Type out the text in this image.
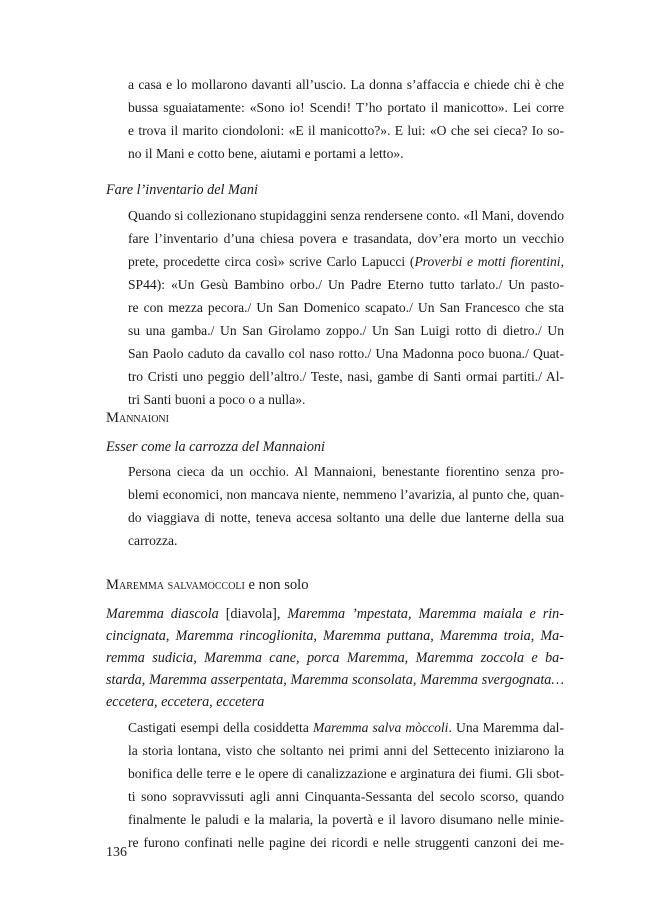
a casa e lo mollarono davanti all’uscio. La donna s’affaccia e chiede chi è che
bussa sguaiatamente: «Sono io! Scendi! T’ho portato il manicotto». Lei corre
e trova il marito ciondoloni: «E il manicotto?». E lui: «O che sei cieca? Io so-
no il Mani e cotto bene, aiutami e portami a letto».
Fare l’inventario del Mani
Quando si collezionano stupidaggini senza rendersene conto. «Il Mani, dovendo
fare l’inventario d’una chiesa povera e trasandata, dov’era morto un vecchio
prete, procedette circa così» scrive Carlo Lapucci (Proverbi e motti fiorentini,
SP44): «Un Gesù Bambino orbo./ Un Padre Eterno tutto tarlato./ Un pasto-
re con mezza pecora./ Un San Domenico scapato./ Un San Francesco che sta
su una gamba./ Un San Girolamo zoppo./ Un San Luigi rotto di dietro./ Un
San Paolo caduto da cavallo col naso rotto./ Una Madonna poco buona./ Quat-
tro Cristi uno peggio dell’altro./ Teste, nasi, gambe di Santi ormai partiti./ Al-
tri Santi buoni a poco o a nulla».
Mannaioni
Esser come la carrozza del Mannaioni
Persona cieca da un occhio. Al Mannaioni, benestante fiorentino senza pro-
blemi economici, non mancava niente, nemmeno l’avarizia, al punto che, quan-
do viaggiava di notte, teneva accesa soltanto una delle due lanterne della sua
carrozza.
Maremma salvamoccoli e non solo
Maremma diascola [diavola], Maremma ’mpestata, Maremma maiala e rin-
cincignata, Maremma rincoglionita, Maremma puttana, Maremma troia, Ma-
remma sudicia, Maremma cane, porca Maremma, Maremma zoccola e ba-
starda, Maremma asserpentata, Maremma sconsolata, Maremma svergognata…
eccetera, eccetera, eccetera
Castigati esempi della cosiddetta Maremma salva mòccoli. Una Maremma dal-
la storia lontana, visto che soltanto nei primi anni del Settecento iniziarono la
bonifica delle terre e le opere di canalizzazione e arginatura dei fiumi. Gli sbot-
ti sono sopravvissuti agli anni Cinquanta-Sessanta del secolo scorso, quando
finalmente le paludi e la malaria, la povertà e il lavoro disumano nelle minie-
re furono confinati nelle pagine dei ricordi e nelle struggenti canzoni dei me-
136
